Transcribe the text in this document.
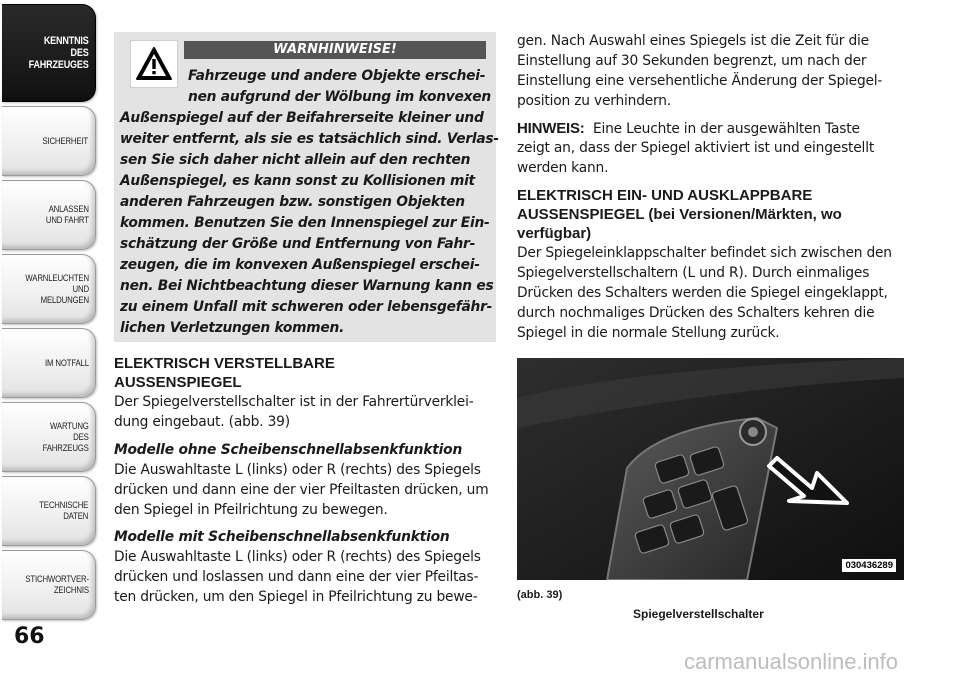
KENNTNIS
DES
FAHRZEUGES
SICHERHEIT
ANLASSEN
UND FAHRT
WARNLEUCHTEN
UND
MELDUNGEN
IM NOTFALL
WARTUNG
DES
FAHRZEUGS
TECHNISCHE
DATEN
STICHWORTVER-
ZEICHNIS
66
WARNHINWEISE!
Fahrzeuge und andere Objekte erschei-
nen aufgrund der Wölbung im konvexen
Außenspiegel auf der Beifahrerseite kleiner und
weiter entfernt, als sie es tatsächlich sind. Verlas-
sen Sie sich daher nicht allein auf den rechten
Außenspiegel, es kann sonst zu Kollisionen mit
anderen Fahrzeugen bzw. sonstigen Objekten
kommen. Benutzen Sie den Innenspiegel zur Ein-
schätzung der Größe und Entfernung von Fahr-
zeugen, die im konvexen Außenspiegel erschei-
nen. Bei Nichtbeachtung dieser Warnung kann es
zu einem Unfall mit schweren oder lebensgefähr-
lichen Verletzungen kommen.
ELEKTRISCH VERSTELLBARE
AUSSENSPIEGEL
Der Spiegelverstellschalter ist in der Fahrertürverklei-
dung eingebaut. (abb. 39)
Modelle ohne Scheibenschnellabsenkfunktion
Die Auswahltaste L (links) oder R (rechts) des Spiegels
drücken und dann eine der vier Pfeiltasten drücken, um
den Spiegel in Pfeilrichtung zu bewegen.
Modelle mit Scheibenschnellabsenkfunktion
Die Auswahltaste L (links) oder R (rechts) des Spiegels
drücken und loslassen und dann eine der vier Pfeiltas-
ten drücken, um den Spiegel in Pfeilrichtung zu bewe-
gen. Nach Auswahl eines Spiegels ist die Zeit für die
Einstellung auf 30 Sekunden begrenzt, um nach der
Einstellung eine versehentliche Änderung der Spiegel-
position zu verhindern.
HINWEIS: Eine Leuchte in der ausgewählten Taste
zeigt an, dass der Spiegel aktiviert ist und eingestellt
werden kann.
ELEKTRISCH EIN- UND AUSKLAPPBARE
AUSSENSPIEGEL (bei Versionen/Märkten, wo
verfügbar)
Der Spiegeleinklappschalter befindet sich zwischen den
Spiegelverstellschaltern (L und R). Durch einmaliges
Drücken des Schalters werden die Spiegel eingeklappt,
durch nochmaliges Drücken des Schalters kehren die
Spiegel in die normale Stellung zurück.
030436289
(abb. 39)
Spiegelverstellschalter
carmanualsonline.info
